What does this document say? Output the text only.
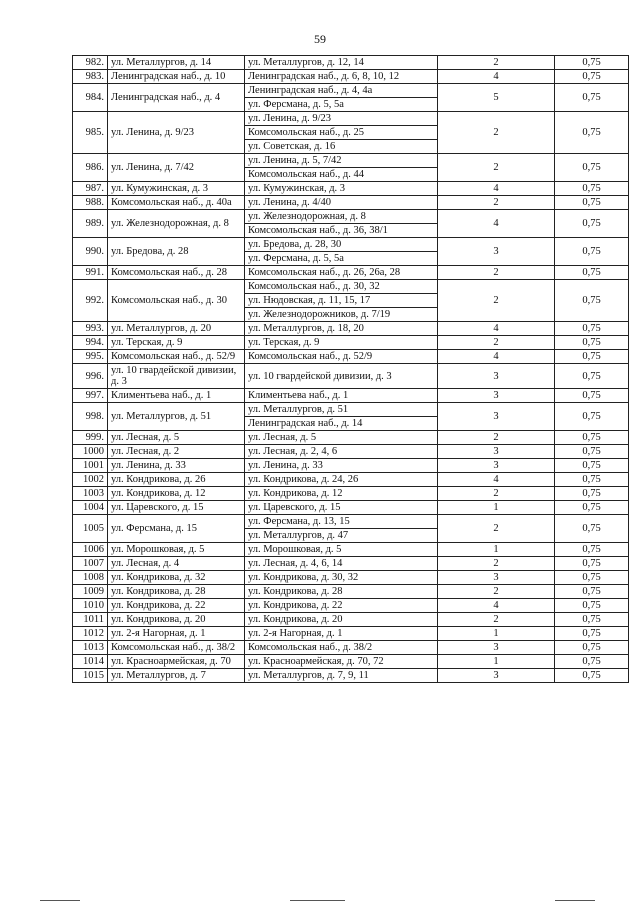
59
982.	ул. Металлургов, д. 14	ул. Металлургов, д. 12, 14	2	0,75
983.	Ленинградская наб., д. 10	Ленинградская наб., д. 6, 8, 10, 12	4	0,75
984.	Ленинградская наб., д. 4	Ленинградская наб., д. 4, 4а	5	0,75
		ул. Ферсмана, д. 5, 5а		
985.	ул. Ленина, д. 9/23	ул. Ленина, д. 9/23	2	0,75
		Комсомольская наб., д. 25		
		ул. Советская, д. 16		
986.	ул. Ленина, д. 7/42	ул. Ленина, д. 5, 7/42	2	0,75
		Комсомольская наб., д. 44		
987.	ул. Кумужинская, д. 3	ул. Кумужинская, д. 3	4	0,75
988.	Комсомольская наб., д. 40а	ул. Ленина, д. 4/40	2	0,75
989.	ул. Железнодорожная, д. 8	ул. Железнодорожная, д. 8	4	0,75
		Комсомольская наб., д. 36, 38/1		
990.	ул. Бредова, д. 28	ул. Бредова, д. 28, 30	3	0,75
		ул. Ферсмана, д. 5, 5а		
991.	Комсомольская наб., д. 28	Комсомольская наб., д. 26, 26а, 28	2	0,75
992.	Комсомольская наб., д. 30	Комсомольская наб., д. 30, 32	2	0,75
		ул. Нюдовская, д. 11, 15, 17		
		ул. Железнодорожников, д. 7/19		
993.	ул. Металлургов, д. 20	ул. Металлургов, д. 18, 20	4	0,75
994.	ул. Терская, д. 9	ул. Терская, д. 9	2	0,75
995.	Комсомольская наб., д. 52/9	Комсомольская наб., д. 52/9	4	0,75
996.	ул. 10 гвардейской дивизии, д. 3	ул. 10 гвардейской дивизии, д. 3	3	0,75
997.	Климентьева наб., д. 1	Климентьева наб., д. 1	3	0,75
998.	ул. Металлургов, д. 51	ул. Металлургов, д. 51	3	0,75
		Ленинградская наб., д. 14		
999.	ул. Лесная, д. 5	ул. Лесная, д. 5	2	0,75
1000	ул. Лесная, д. 2	ул. Лесная, д. 2, 4, 6	3	0,75
1001	ул. Ленина, д. 33	ул. Ленина, д. 33	3	0,75
1002	ул. Кондрикова, д. 26	ул. Кондрикова, д. 24, 26	4	0,75
1003	ул. Кондрикова, д. 12	ул. Кондрикова, д. 12	2	0,75
1004	ул. Царевского, д. 15	ул. Царевского, д. 15	1	0,75
1005	ул. Ферсмана, д. 15	ул. Ферсмана, д. 13, 15	2	0,75
		ул. Металлургов, д. 47		
1006	ул. Морошковая, д. 5	ул. Морошковая, д. 5	1	0,75
1007	ул. Лесная, д. 4	ул. Лесная, д. 4, 6, 14	2	0,75
1008	ул. Кондрикова, д. 32	ул. Кондрикова, д. 30, 32	3	0,75
1009	ул. Кондрикова, д. 28	ул. Кондрикова, д. 28	2	0,75
1010	ул. Кондрикова, д. 22	ул. Кондрикова, д. 22	4	0,75
1011	ул. Кондрикова, д. 20	ул. Кондрикова, д. 20	2	0,75
1012	ул. 2-я Нагорная, д. 1	ул. 2-я Нагорная, д. 1	1	0,75
1013	Комсомольская наб., д. 38/2	Комсомольская наб., д. 38/2	3	0,75
1014	ул. Красноармейская, д. 70	ул. Красноармейская, д. 70, 72	1	0,75
1015	ул. Металлургов, д. 7	ул. Металлургов, д. 7, 9, 11	3	0,75
